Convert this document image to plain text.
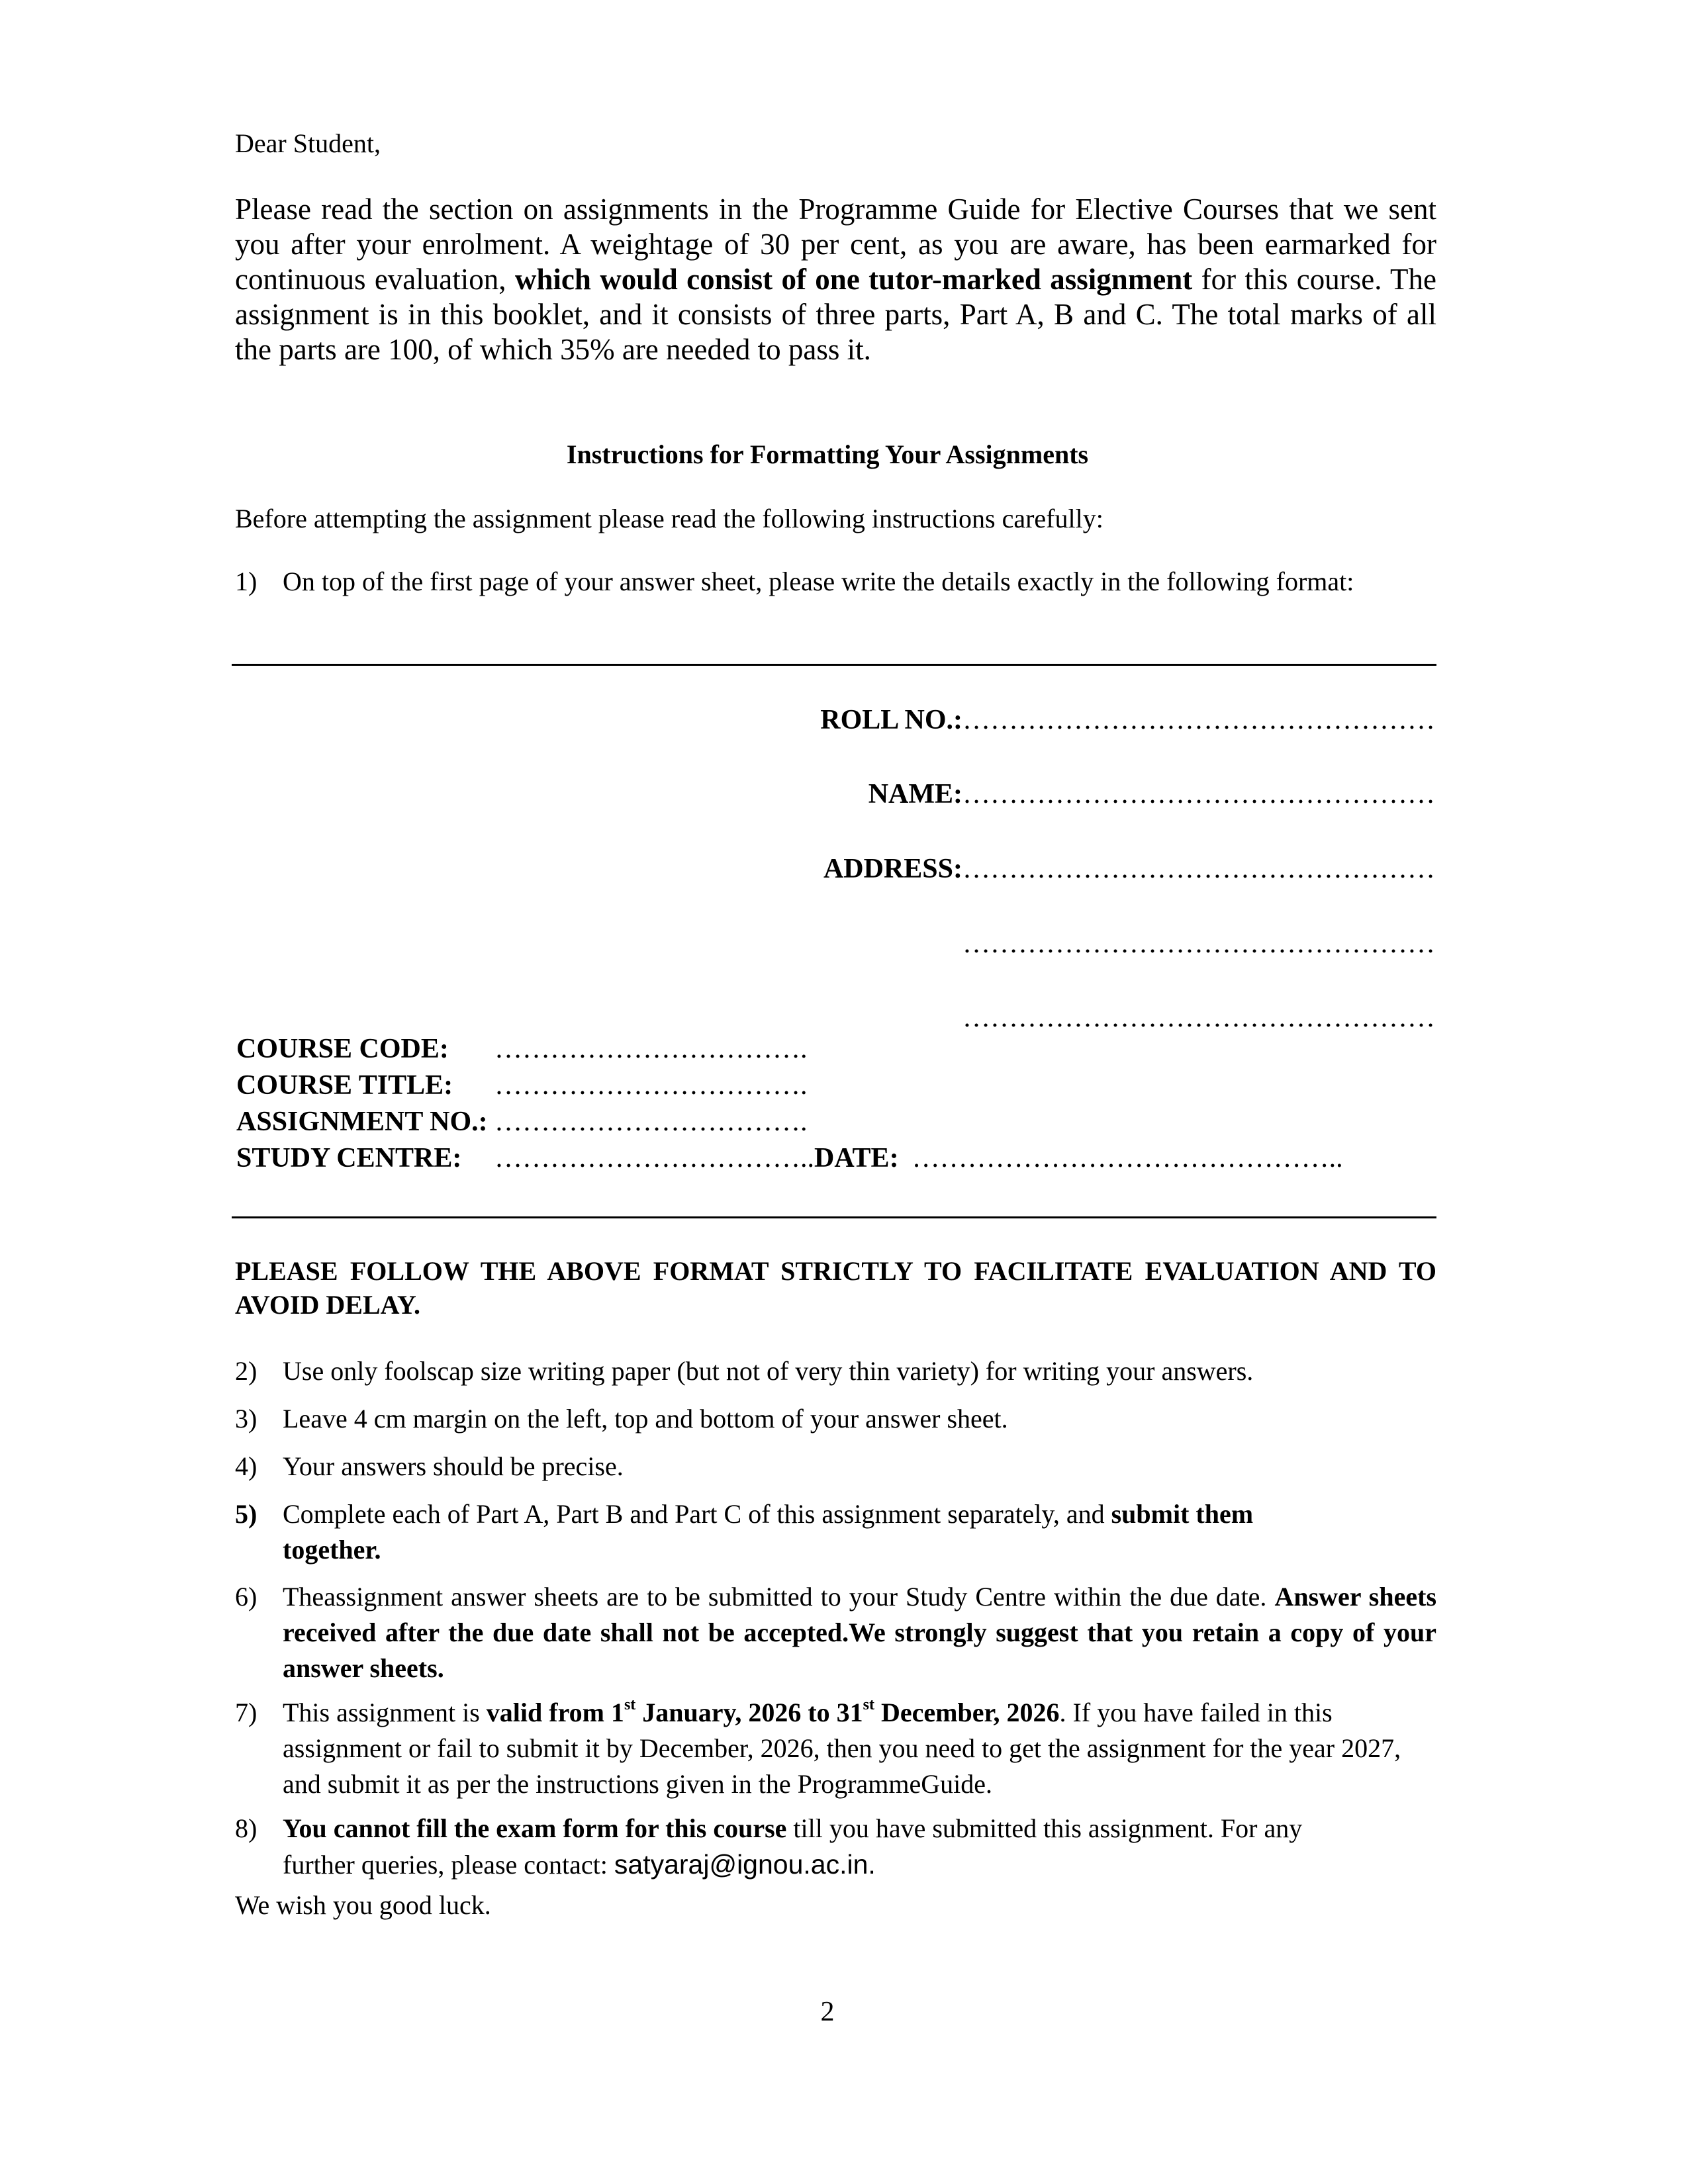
Dear Student,
Please read the section on assignments in the Programme Guide for Elective Courses that we sent you after your enrolment. A weightage of 30 per cent, as you are aware, has been earmarked for continuous evaluation, which would consist of one tutor-marked assignment for this course. The assignment is in this booklet, and it consists of three parts, Part A, B and C. The total marks of all the parts are 100, of which 35% are needed to pass it.
Instructions for Formatting Your Assignments
Before attempting the assignment please read the following instructions carefully:
1) On top of the first page of your answer sheet, please write the details exactly in the following format:
ROLL NO.:……………………………………………
NAME:……………………………………………
ADDRESS:……………………………………………
……………………………………………
……………………………………………
COURSE CODE: …………………………….
COURSE TITLE: …………………………….
ASSIGNMENT NO.: …………………………….
STUDY CENTRE: ……………………………..DATE: ………………………………………..
PLEASE FOLLOW THE ABOVE FORMAT STRICTLY TO FACILITATE EVALUATION AND TO AVOID DELAY.
2) Use only foolscap size writing paper (but not of very thin variety) for writing your answers.
3) Leave 4 cm margin on the left, top and bottom of your answer sheet.
4) Your answers should be precise.
5) Complete each of Part A, Part B and Part C of this assignment separately, and submit them together.
6) Theassignment answer sheets are to be submitted to your Study Centre within the due date. Answer sheets received after the due date shall not be accepted.We strongly suggest that you retain a copy of your answer sheets.
7) This assignment is valid from 1st January, 2026 to 31st December, 2026. If you have failed in this assignment or fail to submit it by December, 2026, then you need to get the assignment for the year 2027, and submit it as per the instructions given in the ProgrammeGuide.
8) You cannot fill the exam form for this course till you have submitted this assignment. For any further queries, please contact: satyaraj@ignou.ac.in.
We wish you good luck.
2
